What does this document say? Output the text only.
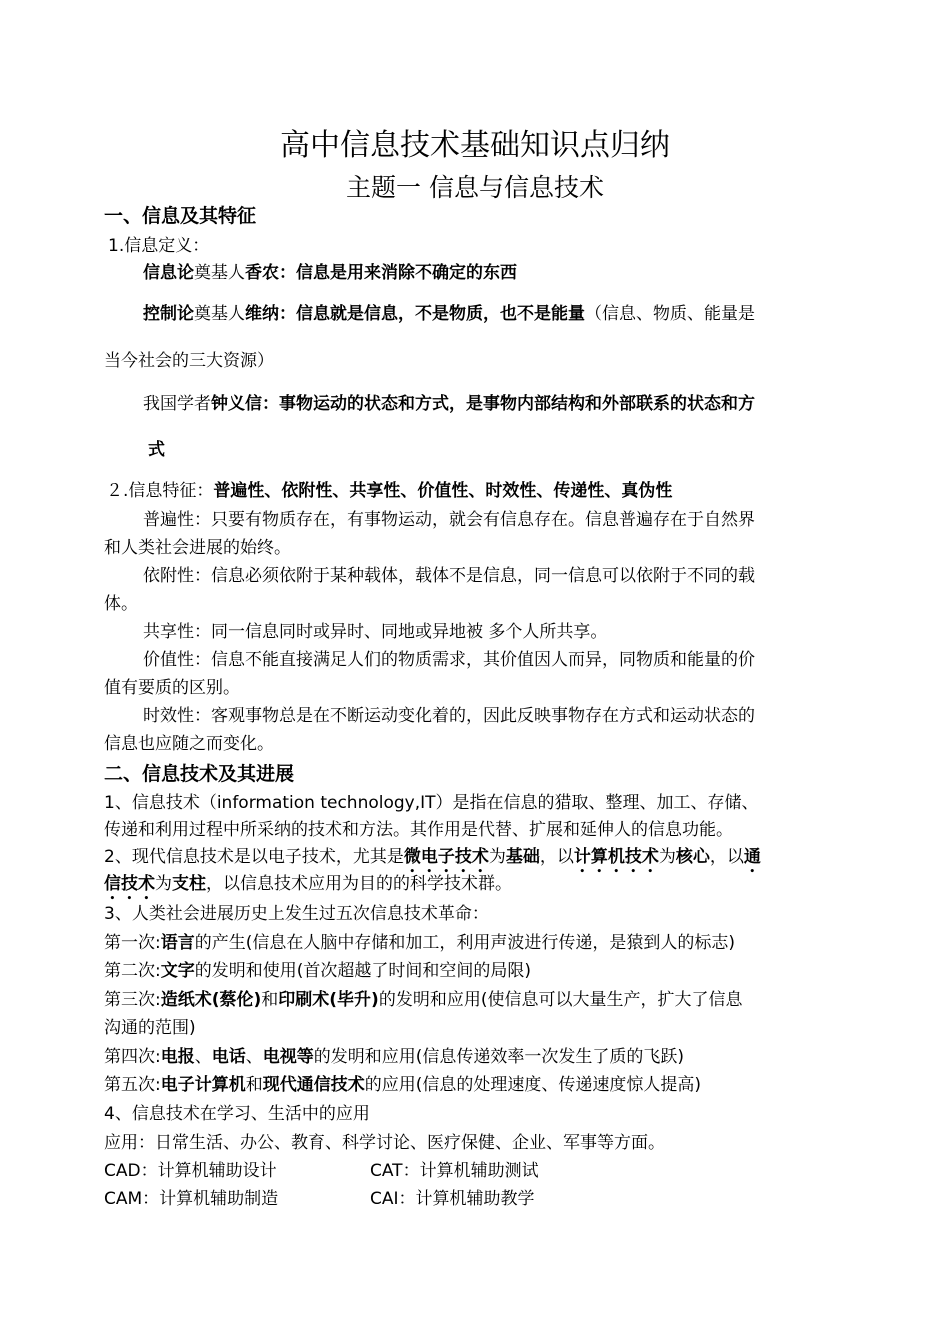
高中信息技术基础知识点归纳
主题一 信息与信息技术
一、信息及其特征
1.信息定义：
信息论奠基人香农：信息是用来消除不确定的东西
控制论奠基人维纳：信息就是信息，不是物质，也不是能量（信息、物质、能量是
当今社会的三大资源）
我国学者钟义信：事物运动的状态和方式，是事物内部结构和外部联系的状态和方
式
２.信息特征：普遍性、依附性、共享性、价值性、时效性、传递性、真伪性
普遍性：只要有物质存在，有事物运动，就会有信息存在。信息普遍存在于自然界
和人类社会进展的始终。
依附性：信息必须依附于某种载体，载体不是信息，同一信息可以依附于不同的载
体。
共享性：同一信息同时或异时、同地或异地被 多个人所共享。
价值性：信息不能直接满足人们的物质需求，其价值因人而异，同物质和能量的价
值有要质的区别。
时效性：客观事物总是在不断运动变化着的，因此反映事物存在方式和运动状态的
信息也应随之而变化。
二、信息技术及其进展
1、信息技术（information technology,IT）是指在信息的猎取、整理、加工、存储、
传递和利用过程中所采纳的技术和方法。其作用是代替、扩展和延伸人的信息功能。
2、现代信息技术是以电子技术，尤其是微电子技术为基础，以计算机技术为核心，以通
信技术为支柱，以信息技术应用为目的的科学技术群。
3、人类社会进展历史上发生过五次信息技术革命：
第一次:语言的产生(信息在人脑中存储和加工，利用声波进行传递，是猿到人的标志)
第二次:文字的发明和使用(首次超越了时间和空间的局限)
第三次:造纸术(蔡伦)和印刷术(毕升)的发明和应用(使信息可以大量生产，扩大了信息
沟通的范围)
第四次:电报、电话、电视等的发明和应用(信息传递效率一次发生了质的飞跃)
第五次:电子计算机和现代通信技术的应用(信息的处理速度、传递速度惊人提高)
4、信息技术在学习、生活中的应用
应用：日常生活、办公、教育、科学讨论、医疗保健、企业、军事等方面。
CAD：计算机辅助设计	CAT：计算机辅助测试
CAM：计算机辅助制造	CAI：计算机辅助教学
